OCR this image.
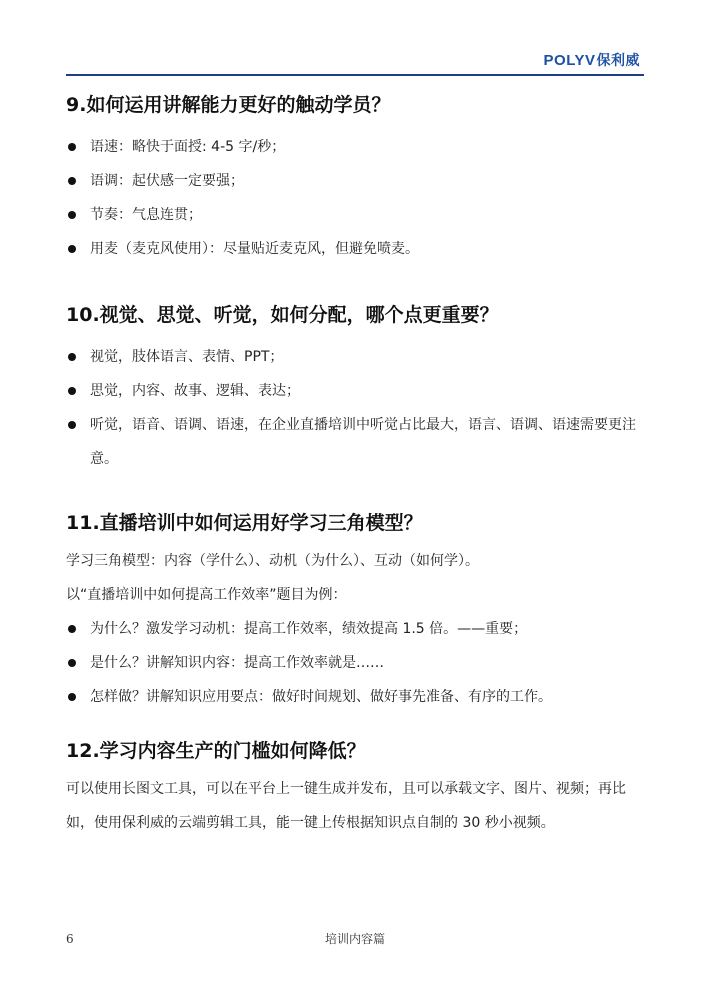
POLYV 保利威
9.如何运用讲解能力更好的触动学员？
语速：略快于面授: 4-5 字/秒；
语调：起伏感一定要强；
节奏：气息连贯；
用麦（麦克风使用）：尽量贴近麦克风，但避免喷麦。
10.视觉、思觉、听觉，如何分配，哪个点更重要？
视觉，肢体语言、表情、PPT；
思觉，内容、故事、逻辑、表达；
听觉，语音、语调、语速，在企业直播培训中听觉占比最大，语言、语调、语速需要更注意。
11.直播培训中如何运用好学习三角模型？

学习三角模型：内容（学什么）、动机（为什么）、互动（如何学）。

以“直播培训中如何提高工作效率”题目为例：

为什么？激发学习动机：提高工作效率，绩效提高 1.5 倍。——重要；
是什么？讲解知识内容：提高工作效率就是……
怎样做？讲解知识应用要点：做好时间规划、做好事先准备、有序的工作。
12.学习内容生产的门槛如何降低？

可以使用长图文工具，可以在平台上一键生成并发布，且可以承载文字、图片、视频；再比如，使用保利威的云端剪辑工具，能一键上传根据知识点自制的 30 秒小视频。

6	培训内容篇
